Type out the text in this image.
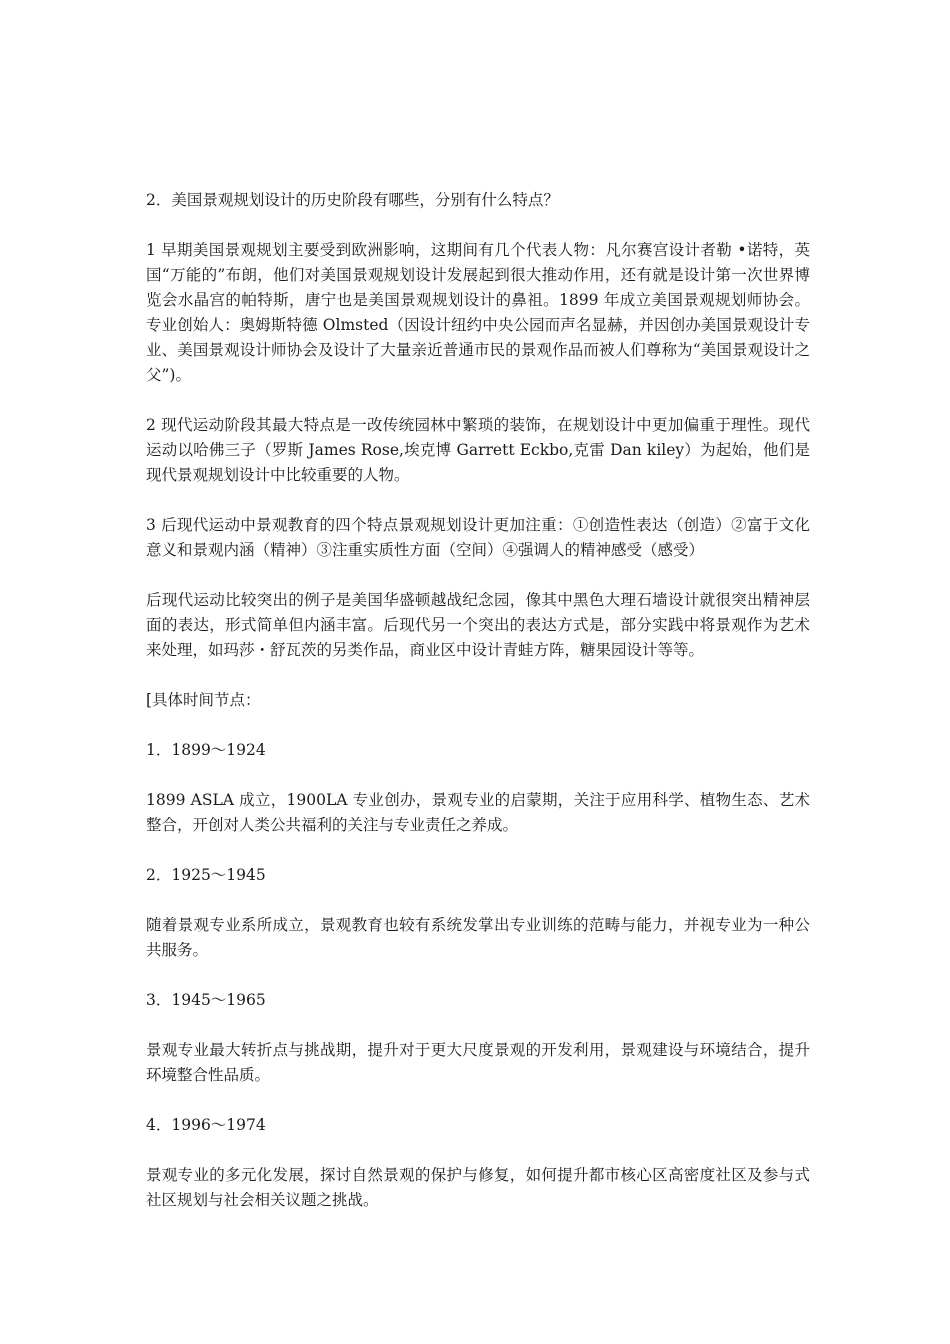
2．美国景观规划设计的历史阶段有哪些，分别有什么特点？

1 早期美国景观规划主要受到欧洲影响，这期间有几个代表人物：凡尔赛宫设计者勒 •诺特，英国“万能的”布朗，他们对美国景观规划设计发展起到很大推动作用，还有就是设计第一次世界博览会水晶宫的帕特斯，唐宁也是美国景观规划设计的鼻祖。1899 年成立美国景观规划师协会。专业创始人：奥姆斯特德 Olmsted（因设计纽约中央公园而声名显赫，并因创办美国景观设计专业、美国景观设计师协会及设计了大量亲近普通市民的景观作品而被人们尊称为“美国景观设计之父”)。

2 现代运动阶段其最大特点是一改传统园林中繁琐的装饰，在规划设计中更加偏重于理性。现代运动以哈佛三子（罗斯 James Rose,埃克博 Garrett Eckbo,克雷 Dan kiley）为起始，他们是现代景观规划设计中比较重要的人物。

3 后现代运动中景观教育的四个特点景观规划设计更加注重：①创造性表达（创造）②富于文化意义和景观内涵（精神）③注重实质性方面（空间）④强调人的精神感受（感受）

后现代运动比较突出的例子是美国华盛顿越战纪念园，像其中黑色大理石墙设计就很突出精神层面的表达，形式简单但内涵丰富。后现代另一个突出的表达方式是，部分实践中将景观作为艺术来处理，如玛莎・舒瓦茨的另类作品，商业区中设计青蛙方阵，糖果园设计等等。

[具体时间节点：

1．1899～1924

1899 ASLA 成立，1900LA 专业创办，景观专业的启蒙期，关注于应用科学、植物生态、艺术整合，开创对人类公共福利的关注与专业责任之养成。

2．1925～1945

随着景观专业系所成立，景观教育也较有系统发掌出专业训练的范畴与能力，并视专业为一种公共服务。

3．1945～1965

景观专业最大转折点与挑战期，提升对于更大尺度景观的开发利用，景观建设与环境结合，提升环境整合性品质。

4．1996～1974

景观专业的多元化发展，探讨自然景观的保护与修复，如何提升都市核心区高密度社区及参与式社区规划与社会相关议题之挑战。
